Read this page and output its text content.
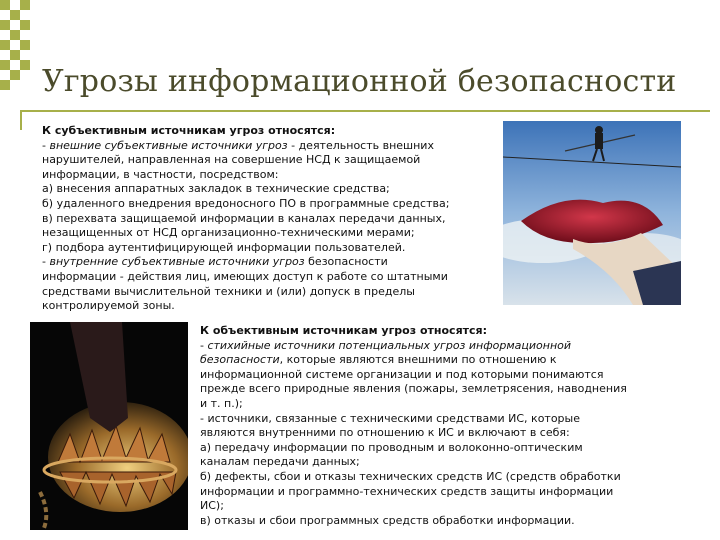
Угрозы информационной безопасности
К субъективным источникам угроз относятся:
- внешние субъективные источники угроз - деятельность внешних
нарушителей, направленная на совершение НСД к защищаемой
информации, в частности, посредством:
а) внесения аппаратных закладок в технические средства;
б) удаленного внедрения вредоносного ПО в программные средства;
в) перехвата защищаемой информации в каналах передачи данных,
незащищенных от НСД организационно-техническими мерами;
г) подбора аутентифицирующей информации пользователей.
- внутренние субъективные источники угроз безопасности
информации - действия лиц, имеющих доступ к работе со штатными
средствами вычислительной техники и (или) допуск в пределы
контролируемой зоны.
К объективным источникам угроз относятся:
- стихийные источники потенциальных угроз информационной
безопасности, которые являются внешними по отношению к
информационной системе организации и под которыми понимаются
прежде всего природные явления (пожары, землетрясения, наводнения
и т. п.);
- источники, связанные с техническими средствами ИС, которые
являются внутренними по отношению к ИС и включают в себя:
а) передачу информации по проводным и волоконно-оптическим
каналам передачи данных;
б) дефекты, сбои и отказы технических средств ИС (средств обработки
информации и программно-технических средств защиты информации
ИС);
в) отказы и сбои программных средств обработки информации.
